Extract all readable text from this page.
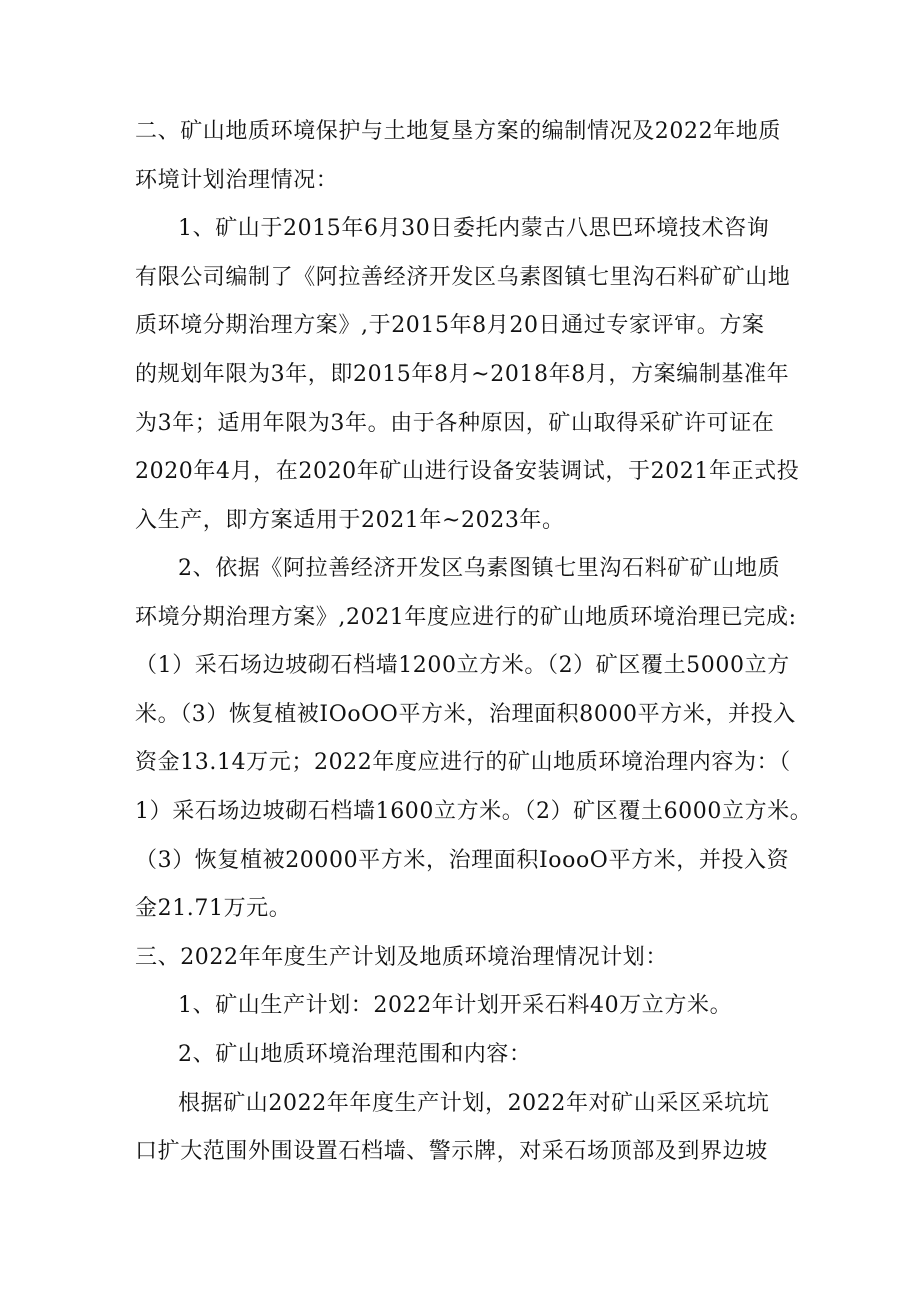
二、矿山地质环境保护与土地复垦方案的编制情况及2022年地质
环境计划治理情况：
1、矿山于2015年6月30日委托内蒙古八思巴环境技术咨询
有限公司编制了《阿拉善经济开发区乌素图镇七里沟石料矿矿山地
质环境分期治理方案》,于2015年8月20日通过专家评审。方案
的规划年限为3年，即2015年8月~2018年8月，方案编制基准年
为3年；适用年限为3年。由于各种原因，矿山取得采矿许可证在
2020年4月，在2020年矿山进行设备安装调试，于2021年正式投
入生产，即方案适用于2021年~2023年。
2、依据《阿拉善经济开发区乌素图镇七里沟石料矿矿山地质
环境分期治理方案》,2021年度应进行的矿山地质环境治理已完成:
（1）采石场边坡砌石档墙1200立方米。（2）矿区覆土5000立方
米。（3）恢复植被IOoOO平方米，治理面积8000平方米，并投入
资金13.14万元；2022年度应进行的矿山地质环境治理内容为：（
1）采石场边坡砌石档墙1600立方米。（2）矿区覆土6000立方米。
（3）恢复植被20000平方米，治理面积IoooO平方米，并投入资
金21.71万元。
三、2022年年度生产计划及地质环境治理情况计划：
1、矿山生产计划：2022年计划开采石料40万立方米。
2、矿山地质环境治理范围和内容：
根据矿山2022年年度生产计划，2022年对矿山采区采坑坑
口扩大范围外围设置石档墙、警示牌，对采石场顶部及到界边坡
